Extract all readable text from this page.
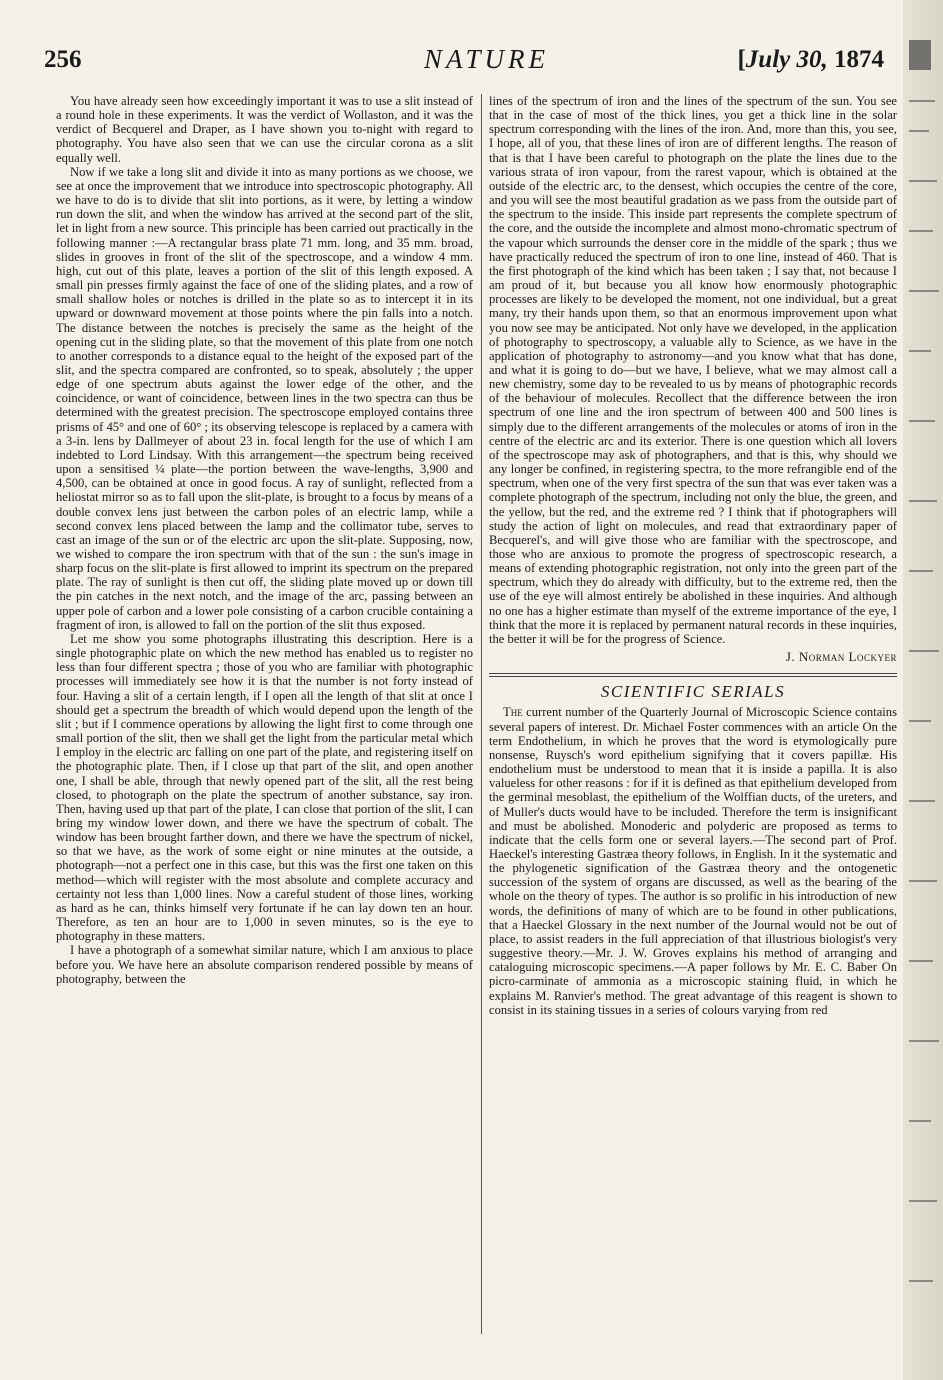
256	NATURE	[July 30, 1874

You have already seen how exceedingly important it was to use a slit instead of a round hole in these experiments. It was the verdict of Wollaston, and it was the verdict of Becquerel and Draper, as I have shown you to-night with regard to photography. You have also seen that we can use the circular corona as a slit equally well.

Now if we take a long slit and divide it into as many portions as we choose, we see at once the improvement that we introduce into spectroscopic photography. All we have to do is to divide that slit into portions, as it were, by letting a window run down the slit, and when the window has arrived at the second part of the slit, let in light from a new source. This principle has been carried out practically in the following manner :—A rectangular brass plate 71 mm. long, and 35 mm. broad, slides in grooves in front of the slit of the spectroscope, and a window 4 mm. high, cut out of this plate, leaves a portion of the slit of this length exposed. A small pin presses firmly against the face of one of the sliding plates, and a row of small shallow holes or notches is drilled in the plate so as to intercept it in its upward or downward movement at those points where the pin falls into a notch. The distance between the notches is precisely the same as the height of the opening cut in the sliding plate, so that the movement of this plate from one notch to another corresponds to a distance equal to the height of the exposed part of the slit, and the spectra compared are confronted, so to speak, absolutely ; the upper edge of one spectrum abuts against the lower edge of the other, and the coincidence, or want of coincidence, between lines in the two spectra can thus be determined with the greatest precision. The spectroscope employed contains three prisms of 45° and one of 60° ; its observing telescope is replaced by a camera with a 3-in. lens by Dallmeyer of about 23 in. focal length for the use of which I am indebted to Lord Lindsay. With this arrangement—the spectrum being received upon a sensitised ¼ plate—the portion between the wave-lengths, 3,900 and 4,500, can be obtained at once in good focus. A ray of sunlight, reflected from a heliostat mirror so as to fall upon the slit-plate, is brought to a focus by means of a double convex lens just between the carbon poles of an electric lamp, while a second convex lens placed between the lamp and the collimator tube, serves to cast an image of the sun or of the electric arc upon the slit-plate. Supposing, now, we wished to compare the iron spectrum with that of the sun : the sun's image in sharp focus on the slit-plate is first allowed to imprint its spectrum on the prepared plate. The ray of sunlight is then cut off, the sliding plate moved up or down till the pin catches in the next notch, and the image of the arc, passing between an upper pole of carbon and a lower pole consisting of a carbon crucible containing a fragment of iron, is allowed to fall on the portion of the slit thus exposed.

Let me show you some photographs illustrating this description. Here is a single photographic plate on which the new method has enabled us to register no less than four different spectra ; those of you who are familiar with photographic processes will immediately see how it is that the number is not forty instead of four. Having a slit of a certain length, if I open all the length of that slit at once I should get a spectrum the breadth of which would depend upon the length of the slit ; but if I commence operations by allowing the light first to come through one small portion of the slit, then we shall get the light from the particular metal which I employ in the electric arc falling on one part of the plate, and registering itself on the photographic plate. Then, if I close up that part of the slit, and open another one, I shall be able, through that newly opened part of the slit, all the rest being closed, to photograph on the plate the spectrum of another substance, say iron. Then, having used up that part of the plate, I can close that portion of the slit, I can bring my window lower down, and there we have the spectrum of cobalt. The window has been brought farther down, and there we have the spectrum of nickel, so that we have, as the work of some eight or nine minutes at the outside, a photograph—not a perfect one in this case, but this was the first one taken on this method—which will register with the most absolute and complete accuracy and certainty not less than 1,000 lines. Now a careful student of those lines, working as hard as he can, thinks himself very fortunate if he can lay down ten an hour. Therefore, as ten an hour are to 1,000 in seven minutes, so is the eye to photography in these matters.

I have a photograph of a somewhat similar nature, which I am anxious to place before you. We have here an absolute comparison rendered possible by means of photography, between the

lines of the spectrum of iron and the lines of the spectrum of the sun. You see that in the case of most of the thick lines, you get a thick line in the solar spectrum corresponding with the lines of the iron. And, more than this, you see, I hope, all of you, that these lines of iron are of different lengths. The reason of that is that I have been careful to photograph on the plate the lines due to the various strata of iron vapour, from the rarest vapour, which is obtained at the outside of the electric arc, to the densest, which occupies the centre of the core, and you will see the most beautiful gradation as we pass from the outside part of the spectrum to the inside. This inside part represents the complete spectrum of the core, and the outside the incomplete and almost mono-chromatic spectrum of the vapour which surrounds the denser core in the middle of the spark ; thus we have practically reduced the spectrum of iron to one line, instead of 460. That is the first photograph of the kind which has been taken ; I say that, not because I am proud of it, but because you all know how enormously photographic processes are likely to be developed the moment, not one individual, but a great many, try their hands upon them, so that an enormous improvement upon what you now see may be anticipated. Not only have we developed, in the application of photography to spectroscopy, a valuable ally to Science, as we have in the application of photography to astronomy—and you know what that has done, and what it is going to do—but we have, I believe, what we may almost call a new chemistry, some day to be revealed to us by means of photographic records of the behaviour of molecules. Recollect that the difference between the iron spectrum of one line and the iron spectrum of between 400 and 500 lines is simply due to the different arrangements of the molecules or atoms of iron in the centre of the electric arc and its exterior. There is one question which all lovers of the spectroscope may ask of photographers, and that is this, why should we any longer be confined, in registering spectra, to the more refrangible end of the spectrum, when one of the very first spectra of the sun that was ever taken was a complete photograph of the spectrum, including not only the blue, the green, and the yellow, but the red, and the extreme red ? I think that if photographers will study the action of light on molecules, and read that extraordinary paper of Becquerel's, and will give those who are familiar with the spectroscope, and those who are anxious to promote the progress of spectroscopic research, a means of extending photographic registration, not only into the green part of the spectrum, which they do already with difficulty, but to the extreme red, then the use of the eye will almost entirely be abolished in these inquiries. And although no one has a higher estimate than myself of the extreme importance of the eye, I think that the more it is replaced by permanent natural records in these inquiries, the better it will be for the progress of Science.

J. Norman Lockyer
SCIENTIFIC SERIALS

The current number of the Quarterly Journal of Microscopic Science contains several papers of interest. Dr. Michael Foster commences with an article On the term Endothelium, in which he proves that the word is etymologically pure nonsense, Ruysch's word epithelium signifying that it covers papillæ. His endothelium must be understood to mean that it is inside a papilla. It is also valueless for other reasons : for if it is defined as that epithelium developed from the germinal mesoblast, the epithelium of the Wolffian ducts, of the ureters, and of Muller's ducts would have to be included. Therefore the term is insignificant and must be abolished. Monoderic and polyderic are proposed as terms to indicate that the cells form one or several layers.—The second part of Prof. Haeckel's interesting Gastræa theory follows, in English. In it the systematic and the phylogenetic signification of the Gastræa theory and the ontogenetic succession of the system of organs are discussed, as well as the bearing of the whole on the theory of types. The author is so prolific in his introduction of new words, the definitions of many of which are to be found in other publications, that a Haeckel Glossary in the next number of the Journal would not be out of place, to assist readers in the full appreciation of that illustrious biologist's very suggestive theory.—Mr. J. W. Groves explains his method of arranging and cataloguing microscopic specimens.—A paper follows by Mr. E. C. Baber On picro-carminate of ammonia as a microscopic staining fluid, in which he explains M. Ranvier's method. The great advantage of this reagent is shown to consist in its staining tissues in a series of colours varying from red
